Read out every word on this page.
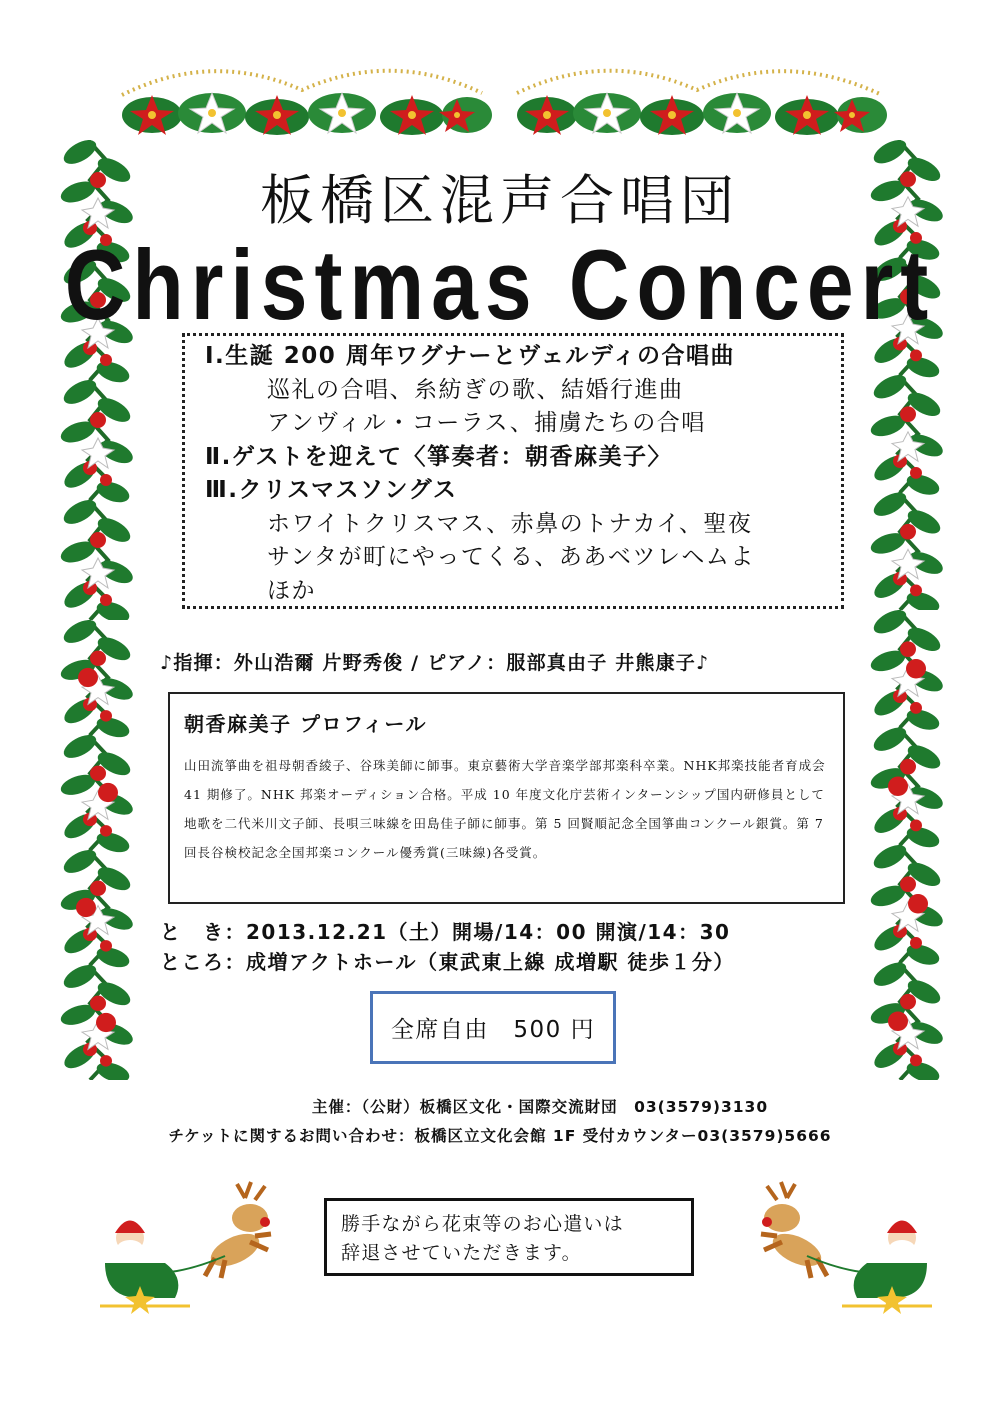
板橋区混声合唱団
Christmas Concert
Ⅰ.生誕 200 周年ワグナーとヴェルディの合唱曲
巡礼の合唱、糸紡ぎの歌、結婚行進曲
アンヴィル・コーラス、捕虜たちの合唱
Ⅱ.ゲストを迎えて〈箏奏者：朝香麻美子〉
Ⅲ.クリスマスソングス
ホワイトクリスマス、赤鼻のトナカイ、聖夜
サンタが町にやってくる、ああベツレヘムよ
ほか
♪指揮：外山浩爾 片野秀俊 / ピアノ：服部真由子 井熊康子♪
朝香麻美子 プロフィール
山田流箏曲を祖母朝香綾子、谷珠美師に師事。東京藝術大学音楽学部邦楽科卒業。NHK邦楽技能者育成会 41 期修了。NHK 邦楽オーディション合格。平成 10 年度文化庁芸術インターンシップ国内研修員として地歌を二代米川文子師、長唄三味線を田島佳子師に師事。第 5 回賢順記念全国箏曲コンクール銀賞。第 7 回長谷検校記念全国邦楽コンクール優秀賞(三味線)各受賞。
と　き：2013.12.21（土）開場/14：00 開演/14：30
ところ：成増アクトホール（東武東上線 成増駅 徒歩１分）
全席自由　500 円
主催：（公財）板橋区文化・国際交流財団　03(3579)3130
チケットに関するお問い合わせ：板橋区立文化会館 1F 受付カウンター03(3579)5666
勝手ながら花束等のお心遣いは
辞退させていただきます。
